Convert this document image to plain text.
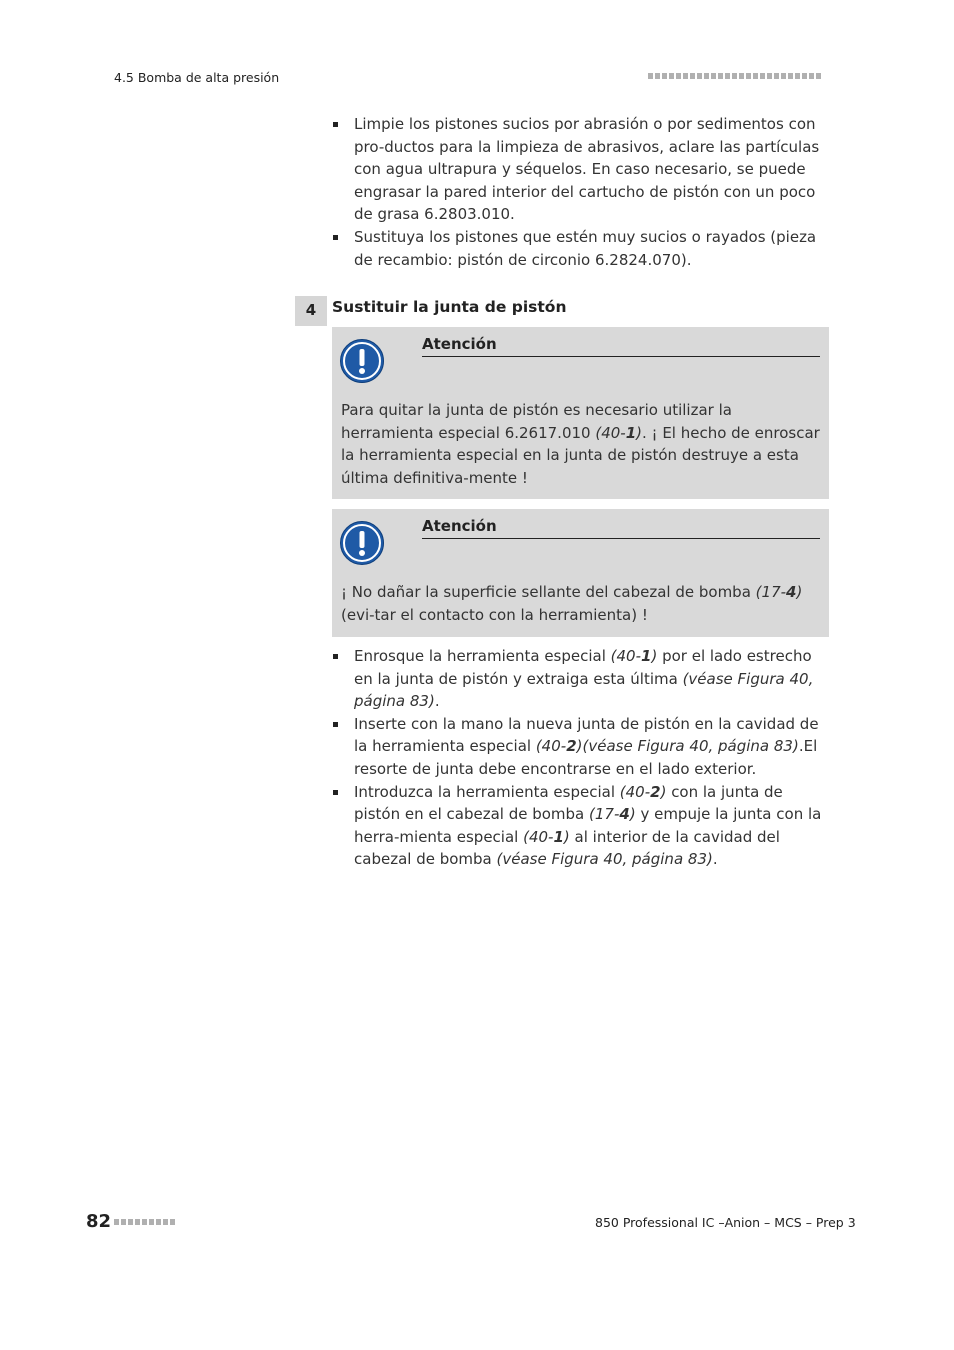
4.5 Bomba de alta presión
Limpie los pistones sucios por abrasión o por sedimentos con pro-ductos para la limpieza de abrasivos, aclare las partículas con agua ultrapura y séquelos. En caso necesario, se puede engrasar la pared interior del cartucho de pistón con un poco de grasa 6.2803.010.
Sustituya los pistones que estén muy sucios o rayados (pieza de recambio: pistón de circonio 6.2824.070).
4	Sustituir la junta de pistón
Atención
Para quitar la junta de pistón es necesario utilizar la herramienta especial 6.2617.010 (40-1). ¡ El hecho de enroscar la herramienta especial en la junta de pistón destruye a esta última definitiva-mente !
Atención
¡ No dañar la superficie sellante del cabezal de bomba (17-4) (evi-tar el contacto con la herramienta) !
Enrosque la herramienta especial (40-1) por el lado estrecho en la junta de pistón y extraiga esta última (véase Figura 40, página 83).
Inserte con la mano la nueva junta de pistón en la cavidad de la herramienta especial (40-2)(véase Figura 40, página 83).El resorte de junta debe encontrarse en el lado exterior.
Introduzca la herramienta especial (40-2) con la junta de pistón en el cabezal de bomba (17-4) y empuje la junta con la herra-mienta especial (40-1) al interior de la cavidad del cabezal de bomba (véase Figura 40, página 83).
82	850 Professional IC –Anion – MCS – Prep 3
